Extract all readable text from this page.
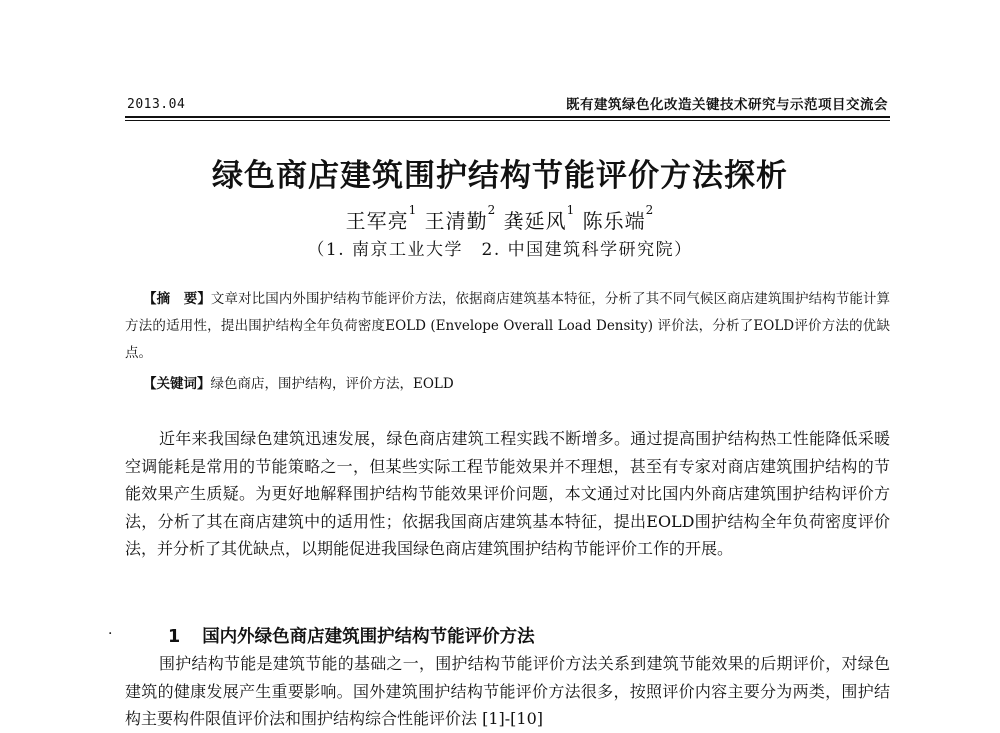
2013.04	既有建筑绿色化改造关键技术研究与示范项目交流会
绿色商店建筑围护结构节能评价方法探析
王军亮$^1$ 王清勤$^2$ 龚延风$^1$ 陈乐端$^2$
（1. 南京工业大学　2. 中国建筑科学研究院）
【摘　要】文章对比国内外围护结构节能评价方法，依据商店建筑基本特征，分析了其不同气候区商店建筑围护结构节能计算方法的适用性，提出围护结构全年负荷密度EOLD (Envelope Overall Load Density) 评价法，分析了EOLD评价方法的优缺点。
【关键词】绿色商店，围护结构，评价方法，EOLD
近年来我国绿色建筑迅速发展，绿色商店建筑工程实践不断增多。通过提高围护结构热工性能降低采暖空调能耗是常用的节能策略之一，但某些实际工程节能效果并不理想，甚至有专家对商店建筑围护结构的节能效果产生质疑。为更好地解释围护结构节能效果评价问题，本文通过对比国内外商店建筑围护结构评价方法，分析了其在商店建筑中的适用性；依据我国商店建筑基本特征，提出EOLD围护结构全年负荷密度评价法，并分析了其优缺点，以期能促进我国绿色商店建筑围护结构节能评价工作的开展。
·	1 国内外绿色商店建筑围护结构节能评价方法
围护结构节能是建筑节能的基础之一，围护结构节能评价方法关系到建筑节能效果的后期评价，对绿色建筑的健康发展产生重要影响。国外建筑围护结构节能评价方法很多，按照评价内容主要分为两类，围护结构主要构件限值评价法和围护结构综合性能评价法 [1]-[10]
